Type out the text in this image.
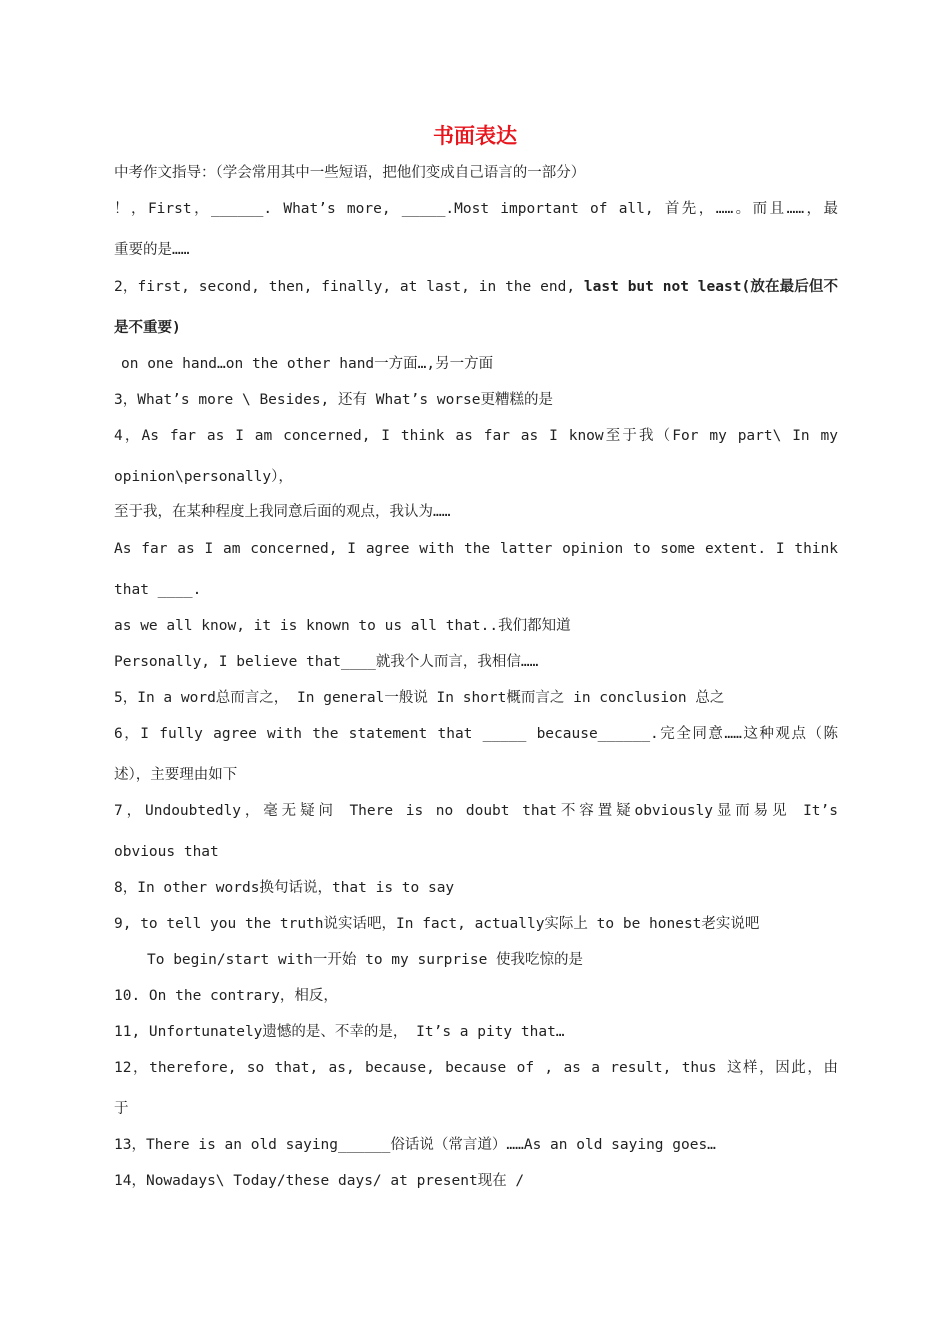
书面表达
中考作文指导：（学会常用其中一些短语，把他们变成自己语言的一部分）
！，First，______. What’s more, _____.Most important of all, 首先，……。而且……，最
重要的是……
2，first, second, then, finally, at last, in the end, last but not least(放在最后但不
是不重要)
on one hand…on the other hand一方面…,另一方面
3，What’s more \ Besides, 还有 What’s worse更糟糕的是
4，As far as I am concerned, I think as far as I know至于我（For my part\ In my
opinion\personally），
至于我，在某种程度上我同意后面的观点，我认为……
As far as I am concerned, I agree with the latter opinion to some extent. I think
that ____.
as we all know, it is known to us all that..我们都知道
Personally, I believe that____就我个人而言，我相信……
5，In a word总而言之， In general一般说 In short概而言之 in conclusion 总之
6，I fully agree with the statement that _____ because______.完全同意……这种观点（陈
述），主要理由如下
7，Undoubtedly，毫无疑问 There is no doubt that不容置疑obviously显而易见 It’s
obvious that
8，In other words换句话说，that is to say
9, to tell you the truth说实话吧，In fact, actually实际上 to be honest老实说吧
To begin/start with一开始 to my surprise 使我吃惊的是
10. On the contrary，相反，
11, Unfortunately遗憾的是、不幸的是， It’s a pity that…
12，therefore, so that, as, because, because of , as a result, thus 这样，因此，由
于
13，There is an old saying______俗话说（常言道）……As an old saying goes…
14，Nowadays\ Today/these days/ at present现在 /
